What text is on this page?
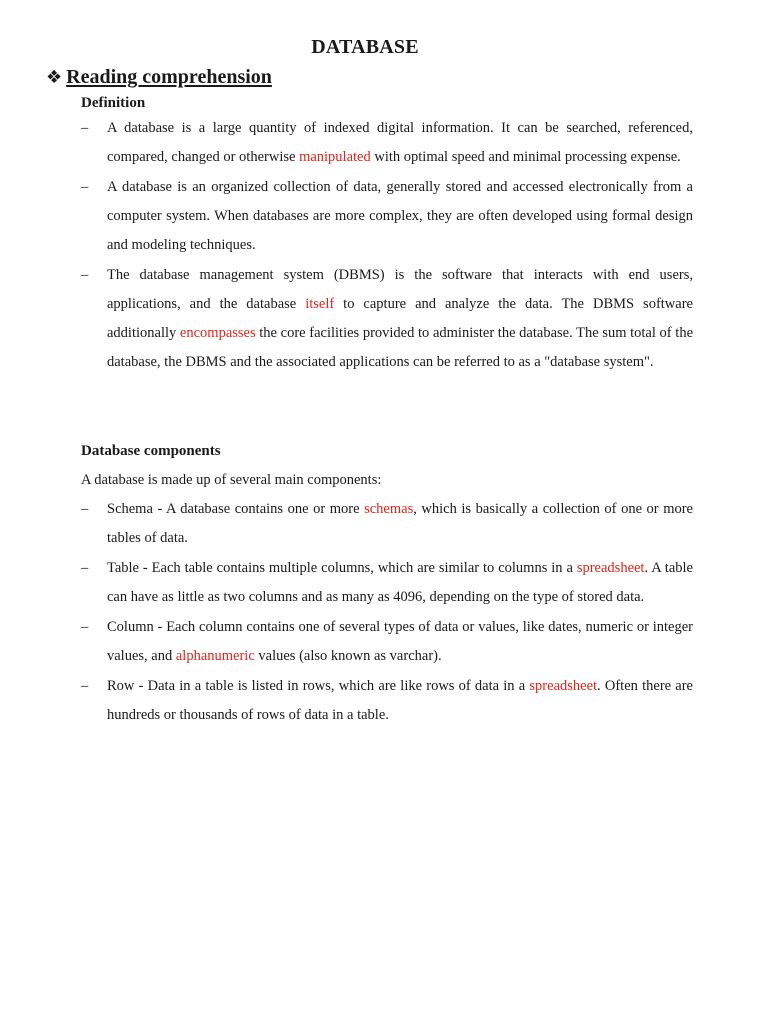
DATABASE
❖ Reading comprehension
Definition
– A database is a large quantity of indexed digital information. It can be searched, referenced, compared, changed or otherwise manipulated with optimal speed and minimal processing expense.
– A database is an organized collection of data, generally stored and accessed electronically from a computer system. When databases are more complex, they are often developed using formal design and modeling techniques.
– The database management system (DBMS) is the software that interacts with end users, applications, and the database itself to capture and analyze the data. The DBMS software additionally encompasses the core facilities provided to administer the database. The sum total of the database, the DBMS and the associated applications can be referred to as a "database system".
Database components
A database is made up of several main components:
– Schema - A database contains one or more schemas, which is basically a collection of one or more tables of data.
– Table - Each table contains multiple columns, which are similar to columns in a spreadsheet. A table can have as little as two columns and as many as 4096, depending on the type of stored data.
– Column - Each column contains one of several types of data or values, like dates, numeric or integer values, and alphanumeric values (also known as varchar).
– Row - Data in a table is listed in rows, which are like rows of data in a spreadsheet. Often there are hundreds or thousands of rows of data in a table.
